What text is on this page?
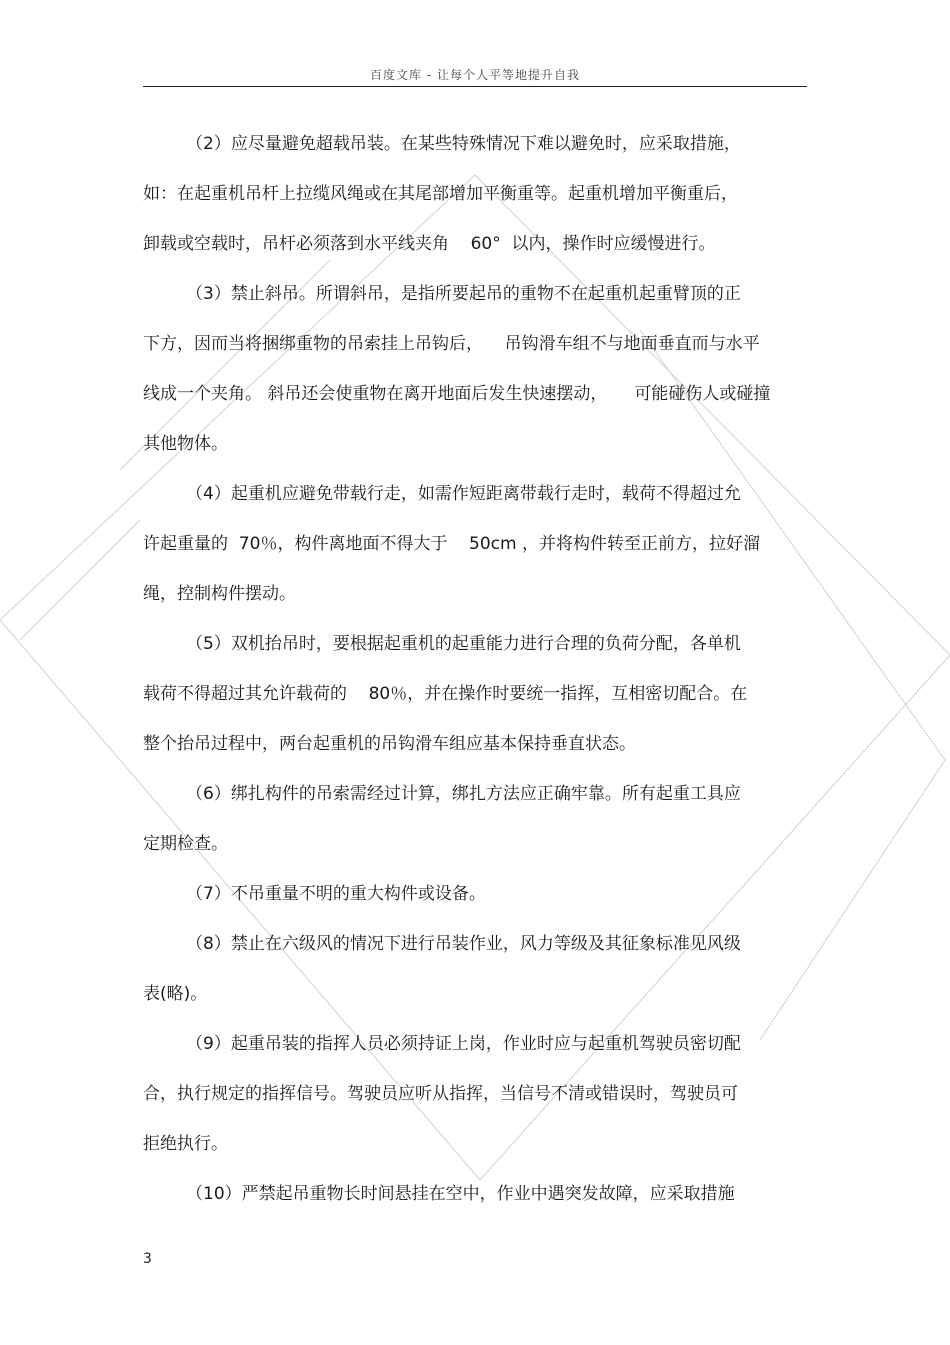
百度文库 - 让每个人平等地提升自我
（2）应尽量避免超载吊装。在某些特殊情况下难以避免时，应采取措施，
如：在起重机吊杆上拉缆风绳或在其尾部增加平衡重等。起重机增加平衡重后，
卸载或空载时，吊杆必须落到水平线夹角    60°  以内，操作时应缓慢进行。
（3）禁止斜吊。所谓斜吊，是指所要起吊的重物不在起重机起重臂顶的正
下方，因而当将捆绑重物的吊索挂上吊钩后，    吊钩滑车组不与地面垂直而与水平
线成一个夹角。 斜吊还会使重物在离开地面后发生快速摆动，     可能碰伤人或碰撞
其他物体。
（4）起重机应避免带载行走，如需作短距离带载行走时，载荷不得超过允
许起重量的  70％，构件离地面不得大于    50cm ，并将构件转至正前方，拉好溜
绳，控制构件摆动。
（5）双机抬吊时，要根据起重机的起重能力进行合理的负荷分配，各单机
载荷不得超过其允许载荷的    80％，并在操作时要统一指挥，互相密切配合。在
整个抬吊过程中，两台起重机的吊钩滑车组应基本保持垂直状态。
（6）绑扎构件的吊索需经过计算，绑扎方法应正确牢靠。所有起重工具应
定期检查。
（7）不吊重量不明的重大构件或设备。
（8）禁止在六级风的情况下进行吊装作业，风力等级及其征象标准见风级
表(略)。
（9）起重吊装的指挥人员必须持证上岗，作业时应与起重机驾驶员密切配
合，执行规定的指挥信号。驾驶员应听从指挥，当信号不清或错误时，驾驶员可
拒绝执行。
（10）严禁起吊重物长时间悬挂在空中，作业中遇突发故障，应采取措施
3
